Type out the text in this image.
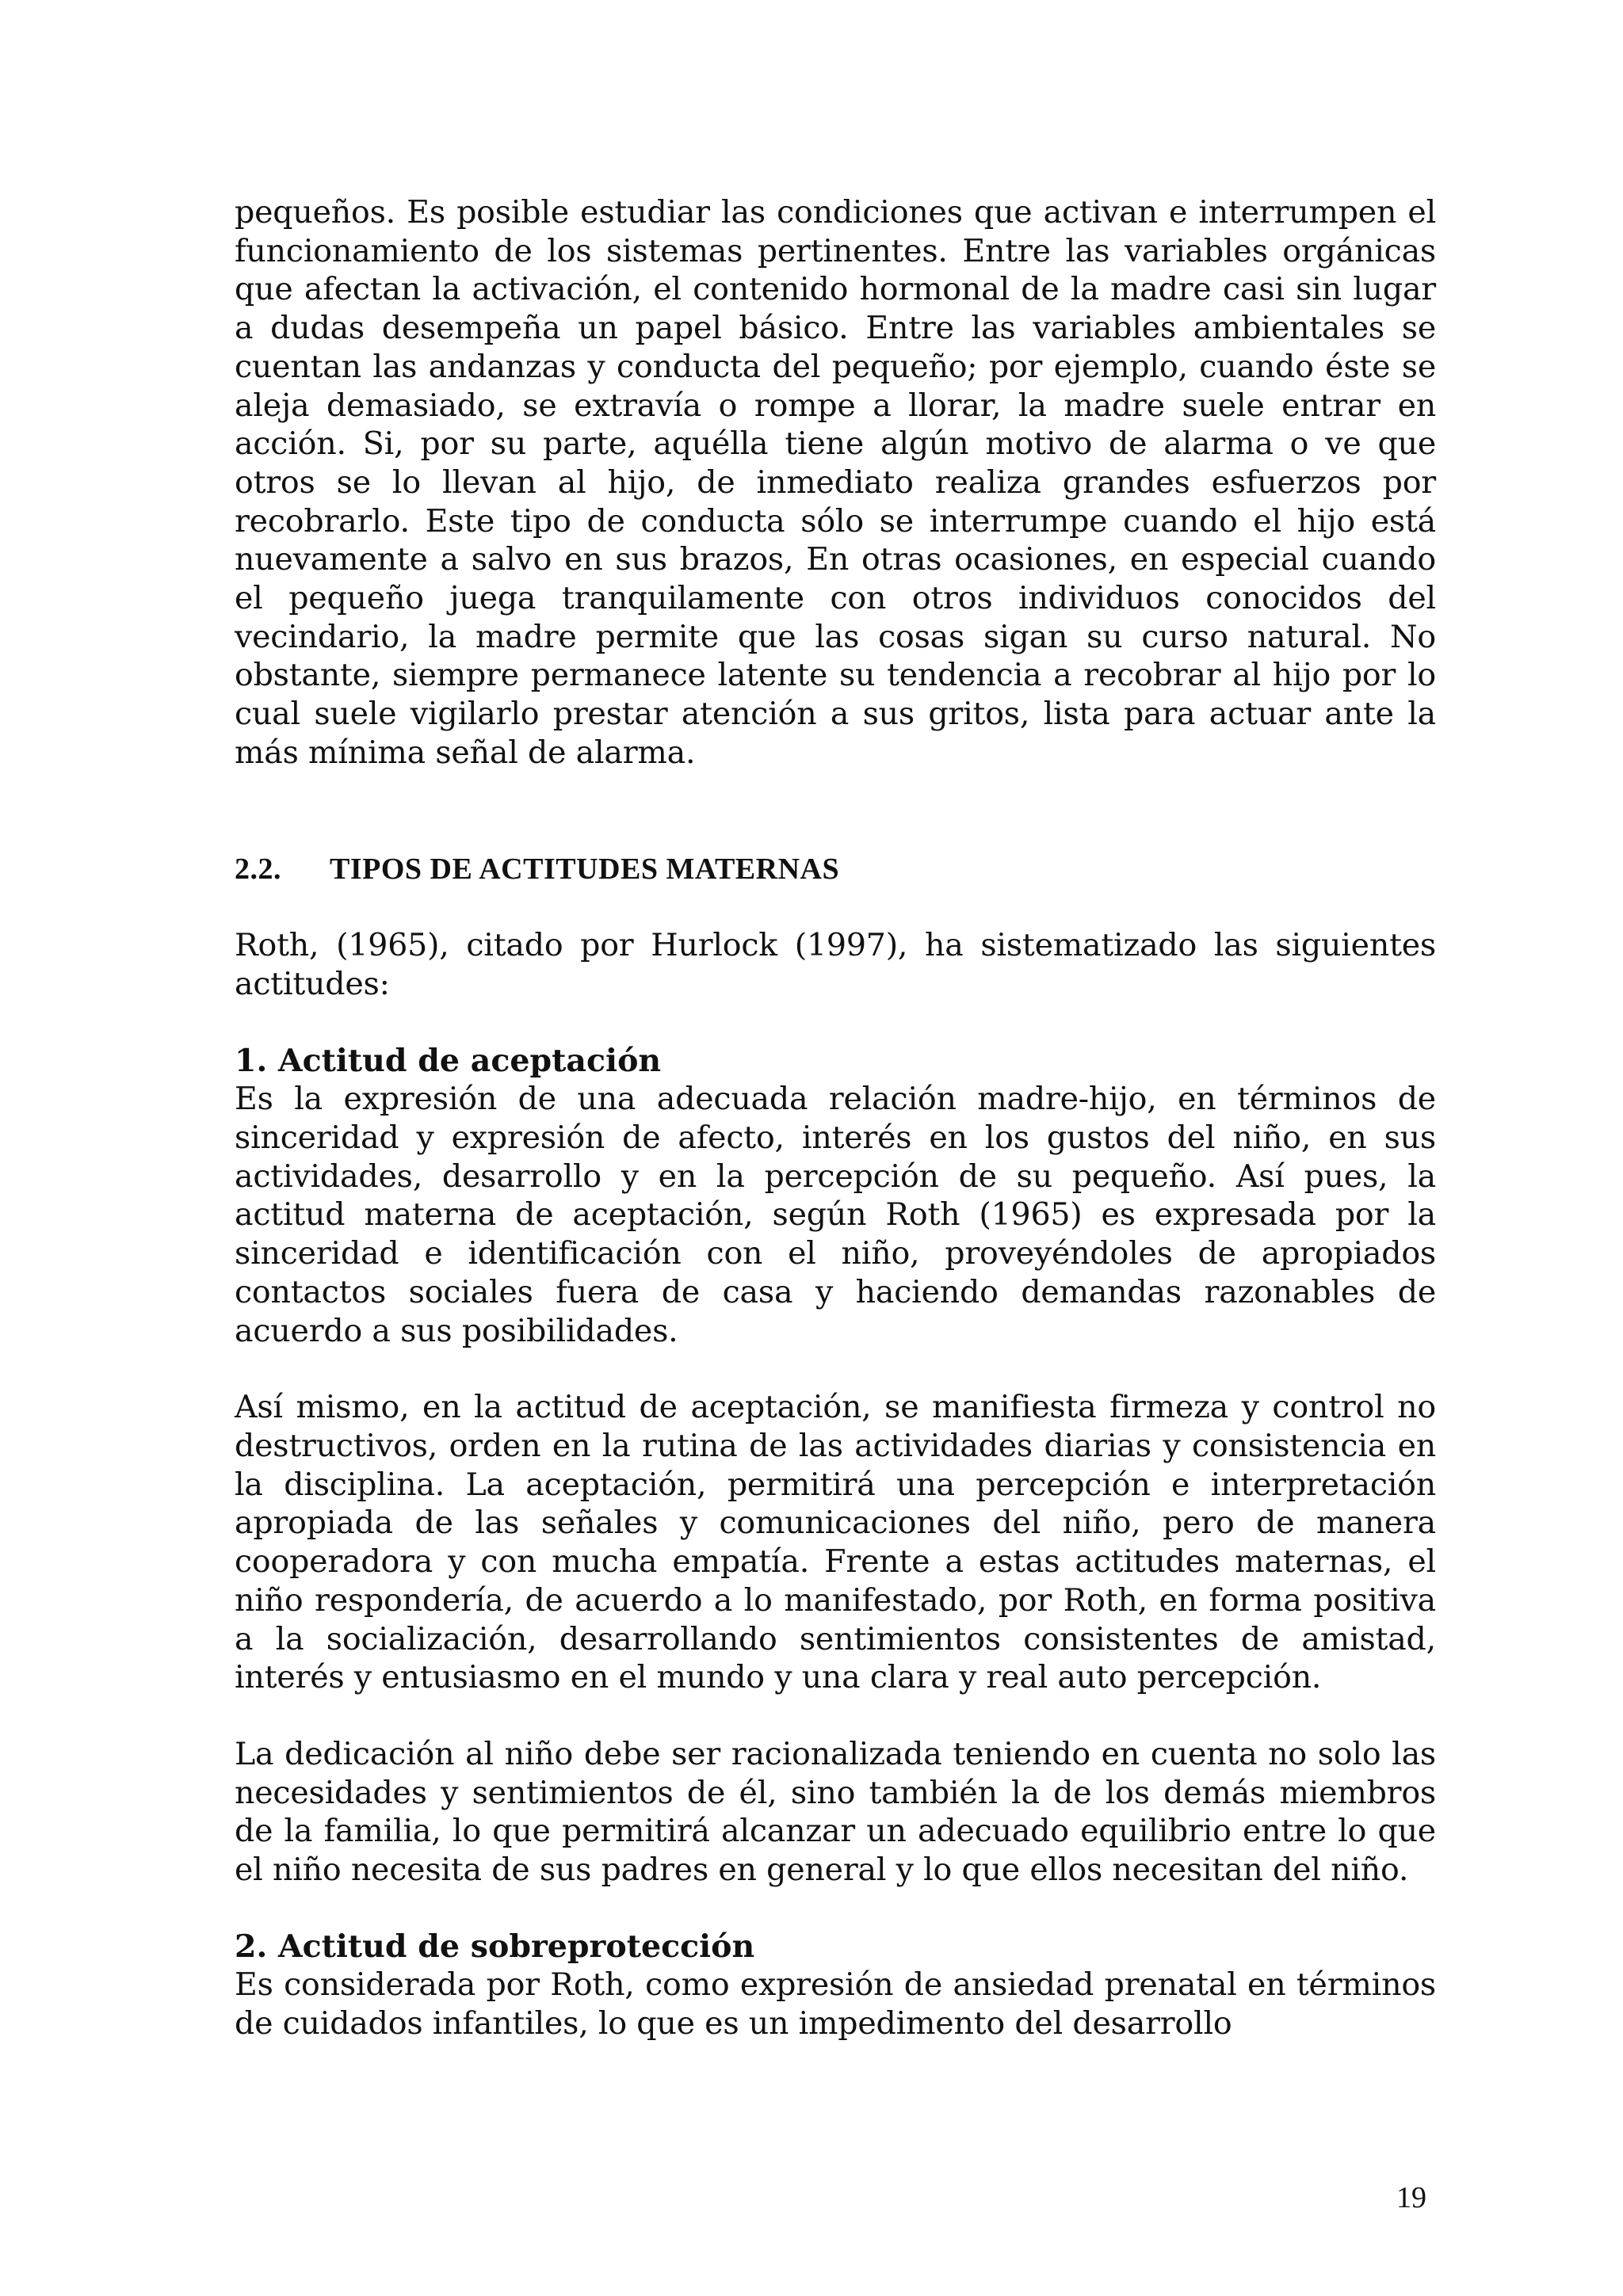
pequeños. Es posible estudiar las condiciones que activan e interrumpen el funcionamiento de los sistemas pertinentes. Entre las variables orgánicas que afectan la activación, el contenido hormonal de la madre casi sin lugar a dudas desempeña un papel básico. Entre las variables ambientales se cuentan las andanzas y conducta del pequeño; por ejemplo, cuando éste se aleja demasiado, se extravía o rompe a llorar, la madre suele entrar en acción. Si, por su parte, aquélla tiene algún motivo de alarma o ve que otros se lo llevan al hijo, de inmediato realiza grandes esfuerzos por recobrarlo. Este tipo de conducta sólo se interrumpe cuando el hijo está nuevamente a salvo en sus brazos, En otras ocasiones, en especial cuando el pequeño juega tranquilamente con otros individuos conocidos del vecindario, la madre permite que las cosas sigan su curso natural. No obstante, siempre permanece latente su tendencia a recobrar al hijo por lo cual suele vigilarlo prestar atención a sus gritos, lista para actuar ante la más mínima señal de alarma.

2.2. TIPOS DE ACTITUDES MATERNAS

Roth, (1965), citado por Hurlock (1997), ha sistematizado las siguientes actitudes:

1. Actitud de aceptación

Es la expresión de una adecuada relación madre-hijo, en términos de sinceridad y expresión de afecto, interés en los gustos del niño, en sus actividades, desarrollo y en la percepción de su pequeño. Así pues, la actitud materna de aceptación, según Roth (1965) es expresada por la sinceridad e identificación con el niño, proveyéndoles de apropiados contactos sociales fuera de casa y haciendo demandas razonables de acuerdo a sus posibilidades.

Así mismo, en la actitud de aceptación, se manifiesta firmeza y control no destructivos, orden en la rutina de las actividades diarias y consistencia en la disciplina. La aceptación, permitirá una percepción e interpretación apropiada de las señales y comunicaciones del niño, pero de manera cooperadora y con mucha empatía. Frente a estas actitudes maternas, el niño respondería, de acuerdo a lo manifestado, por Roth, en forma positiva a la socialización, desarrollando sentimientos consistentes de amistad, interés y entusiasmo en el mundo y una clara y real auto percepción.

La dedicación al niño debe ser racionalizada teniendo en cuenta no solo las necesidades y sentimientos de él, sino también la de los demás miembros de la familia, lo que permitirá alcanzar un adecuado equilibrio entre lo que el niño necesita de sus padres en general y lo que ellos necesitan del niño.

2. Actitud de sobreprotección

Es considerada por Roth, como expresión de ansiedad prenatal en términos de cuidados infantiles, lo que es un impedimento del desarrollo

19
